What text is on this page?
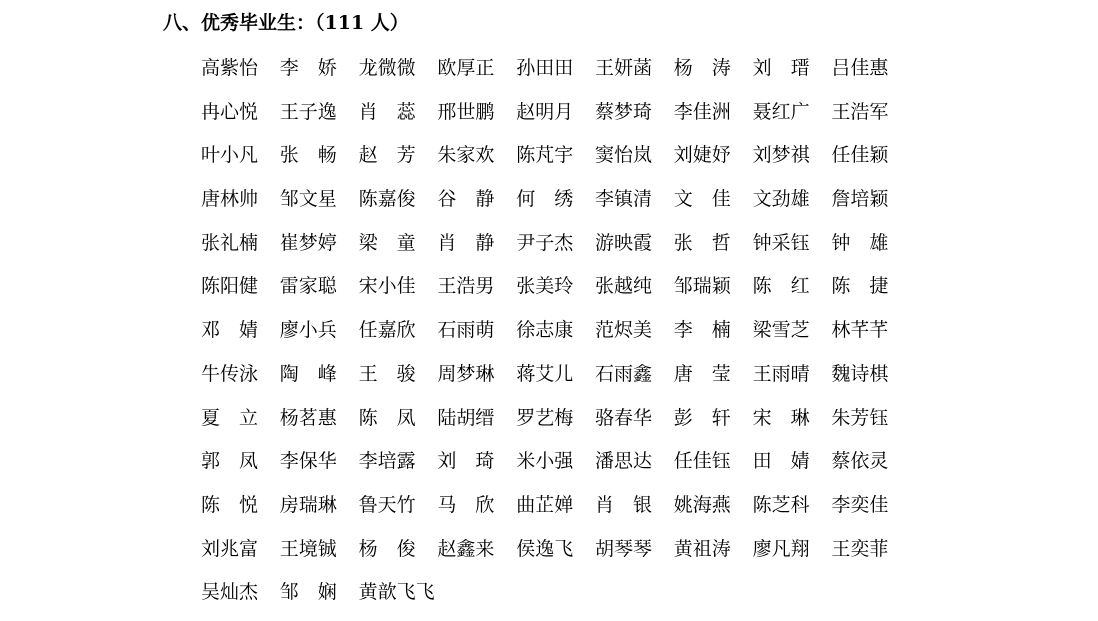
八、优秀毕业生：（111 人）
高紫怡	李　娇	龙微微	欧厚正	孙田田	王妍菡	杨　涛	刘　瑨	吕佳惠
冉心悦	王子逸	肖　蕊	邢世鹏	赵明月	蔡梦琦	李佳洲	聂红广	王浩军
叶小凡	张　畅	赵　芳	朱家欢	陈芃宇	窦怡岚	刘婕妤	刘梦祺	任佳颖
唐林帅	邹文星	陈嘉俊	谷　静	何　绣	李镇清	文　佳	文劲雄	詹培颖
张礼楠	崔梦婷	梁　童	肖　静	尹子杰	游映霞	张　哲	钟采钰	钟　雄
陈阳健	雷家聪	宋小佳	王浩男	张美玲	张越纯	邹瑞颖	陈　红	陈　捷
邓　婧	廖小兵	任嘉欣	石雨萌	徐志康	范烬美	李　楠	梁雪芝	林芊芊
牛传泳	陶　峰	王　骏	周梦琳	蒋艾儿	石雨鑫	唐　莹	王雨晴	魏诗棋
夏　立	杨茗惠	陈　凤	陆胡缙	罗艺梅	骆春华	彭　轩	宋　琳	朱芳钰
郭　凤	李保华	李培露	刘　琦	米小强	潘思达	任佳钰	田　婧	蔡依灵
陈　悦	房瑞琳	鲁天竹	马　欣	曲芷婵	肖　银	姚海燕	陈芝科	李奕佳
刘兆富	王境铖	杨　俊	赵鑫来	侯逸飞	胡琴琴	黄祖涛	廖凡翔	王奕菲
吴灿杰	邹　娴	黄歆飞飞
